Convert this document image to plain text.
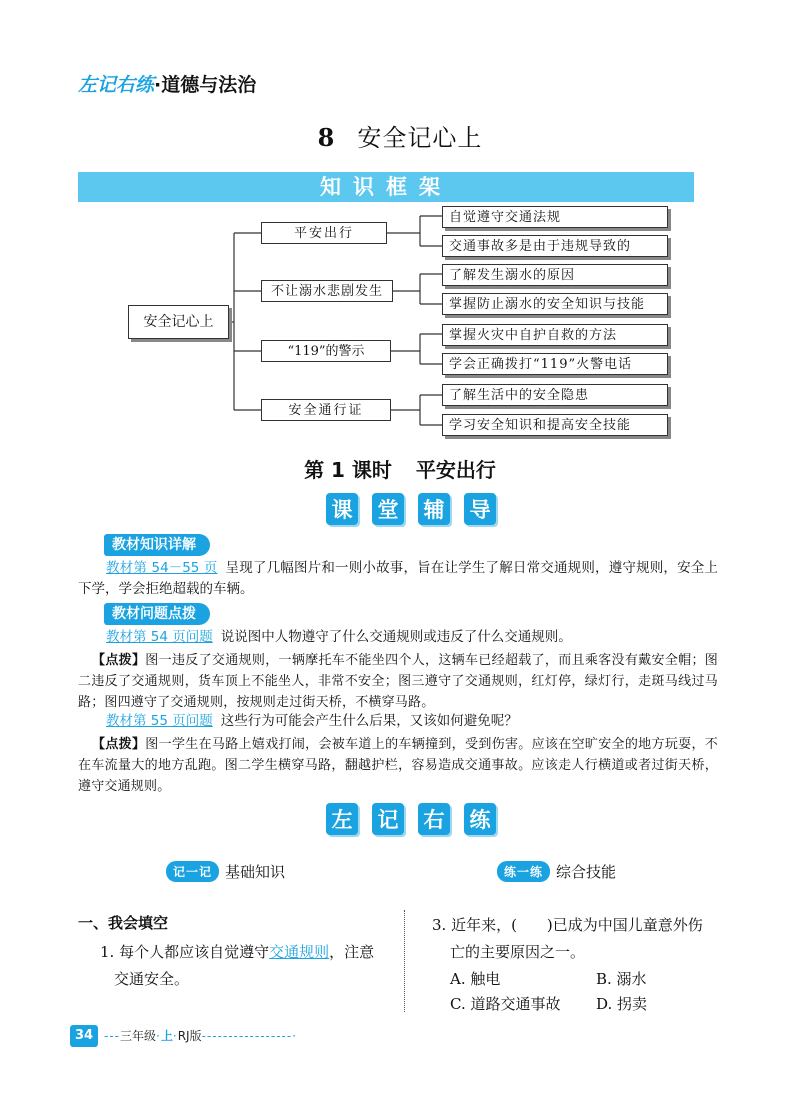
左记右练·道德与法治
8 安全记心上
知识框架
安全记心上
平安出行
不让溺水悲剧发生
“119”的警示
安全通行证
自觉遵守交通法规
交通事故多是由于违规导致的
了解发生溺水的原因
掌握防止溺水的安全知识与技能
掌握火灾中自护自救的方法
学会正确拨打“119”火警电话
了解生活中的安全隐患
学习安全知识和提高安全技能
第 1 课时 平安出行
课 堂 辅 导
教材知识详解
教材第 54－55 页 呈现了几幅图片和一则小故事，旨在让学生了解日常交通规则，遵守规则，安全上下学，学会拒绝超载的车辆。
教材问题点拨
教材第 54 页问题 说说图中人物遵守了什么交通规则或违反了什么交通规则。
【点拨】图一违反了交通规则，一辆摩托车不能坐四个人，这辆车已经超载了，而且乘客没有戴安全帽；图二违反了交通规则，货车顶上不能坐人，非常不安全；图三遵守了交通规则，红灯停，绿灯行，走斑马线过马路；图四遵守了交通规则，按规则走过街天桥，不横穿马路。
教材第 55 页问题 这些行为可能会产生什么后果，又该如何避免呢？
【点拨】图一学生在马路上嬉戏打闹，会被车道上的车辆撞到，受到伤害。应该在空旷安全的地方玩耍，不在车流量大的地方乱跑。图二学生横穿马路，翻越护栏，容易造成交通事故。应该走人行横道或者过街天桥，遵守交通规则。
左 记 右 练
记一记 基础知识	练一练 综合技能
一、我会填空
1. 每个人都应该自觉遵守交通规则，注意
交通安全。
3. 近年来，(　　)已成为中国儿童意外伤
亡的主要原因之一。
A. 触电	B. 溺水
C. 道路交通事故 D. 拐卖
34 ---三年级·上·RJ版-----------------·
